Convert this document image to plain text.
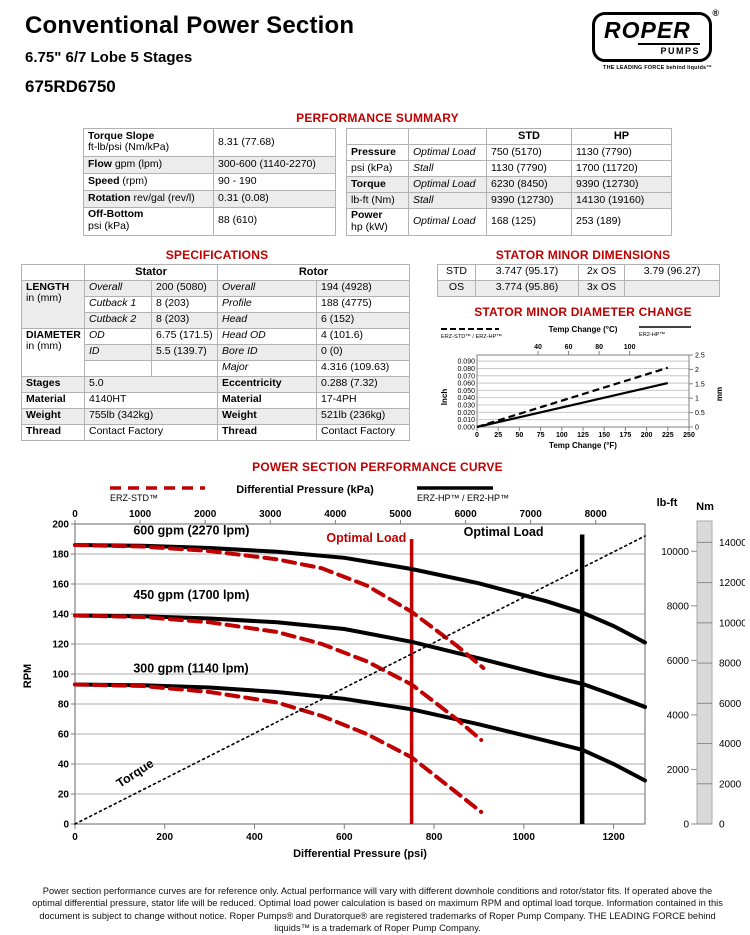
Conventional Power Section
6.75" 6/7 Lobe 5 Stages
675RD6750
®
ROPER
PUMPS
THE LEADING FORCE behind liquids™
PERFORMANCE SUMMARY
Torque Slope
ft-lb/psi (Nm/kPa)	8.31 (77.68)
Flow gpm (lpm)	300-600 (1140-2270)
Speed (rpm)	90 - 190
Rotation rev/gal (rev/l)	0.31 (0.08)
Off-Bottom
psi (kPa)	88 (610)
		STD	HP
Pressure	Optimal Load	750 (5170)	1130 (7790)
psi (kPa)	Stall	1130 (7790)	1700 (11720)
Torque	Optimal Load	6230 (8450)	9390 (12730)
lb-ft (Nm)	Stall	9390 (12730)	14130 (19160)
Power
hp (kW)	Optimal Load	168 (125)	253 (189)
SPECIFICATIONS
	Stator		Rotor	
LENGTH
in (mm)	Overall	200 (5080)	Overall	194 (4928)
	Cutback 1	8 (203)	Profile	188 (4775)
	Cutback 2	8 (203)	Head	6 (152)
DIAMETER
in (mm)	OD	6.75 (171.5)	Head OD	4 (101.6)
	ID	5.5 (139.7)	Bore ID	0 (0)
			Major	4.316 (109.63)
Stages	5.0		Eccentricity	0.288 (7.32)
Material	4140HT		Material	17-4PH
Weight	755lb (342kg)		Weight	521lb (236kg)
Thread	Contact Factory		Thread	Contact Factory
STATOR MINOR DIMENSIONS
STD	3.747 (95.17)	2x OS	3.79 (96.27)
OS	3.774 (95.86)	3x OS	
STATOR MINOR DIAMETER CHANGE
ERZ-STD™ / ERZ-HP™
Temp Change (°C)
ER2-HP™
40	60	80	100
0.000
0.010
0.020
0.030
0.040
0.050
0.060
0.070
0.080
0.090
0
0.5
1
1.5
2
2.5
0 25 50 75 100 125 150 175 200 225 250
Temp Change (°F)
Inch	mm
POWER SECTION PERFORMANCE CURVE
ERZ-STD™
Differential Pressure (kPa)
ERZ-HP™ / ER2-HP™	lb-ft Nm
0	1000	2000	3000	4000	5000	6000	7000	8000
0
20
40
60
80
100
120
140
160
180
200
0	200	400	600	800	1000	1200
Differential Pressure (psi)
RPM
0
2000
4000
6000
8000
10000
12000
14000
0
2000
4000
6000
8000
10000
600 gpm (2270 lpm)
450 gpm (1700 lpm)
300 gpm (1140 lpm)
Optimal Load	Optimal Load
Torque
Power section performance curves are for reference only. Actual performance will vary with different downhole conditions and rotor/stator fits. If operated above the optimal differential pressure, stator life will be reduced. Optimal load power calculation is based on maximum RPM and optimal load torque. Information contained in this document is subject to change without notice. Roper Pumps® and Duratorque® are registered trademarks of Roper Pump Company. THE LEADING FORCE behind liquids™ is a trademark of Roper Pump Company.
